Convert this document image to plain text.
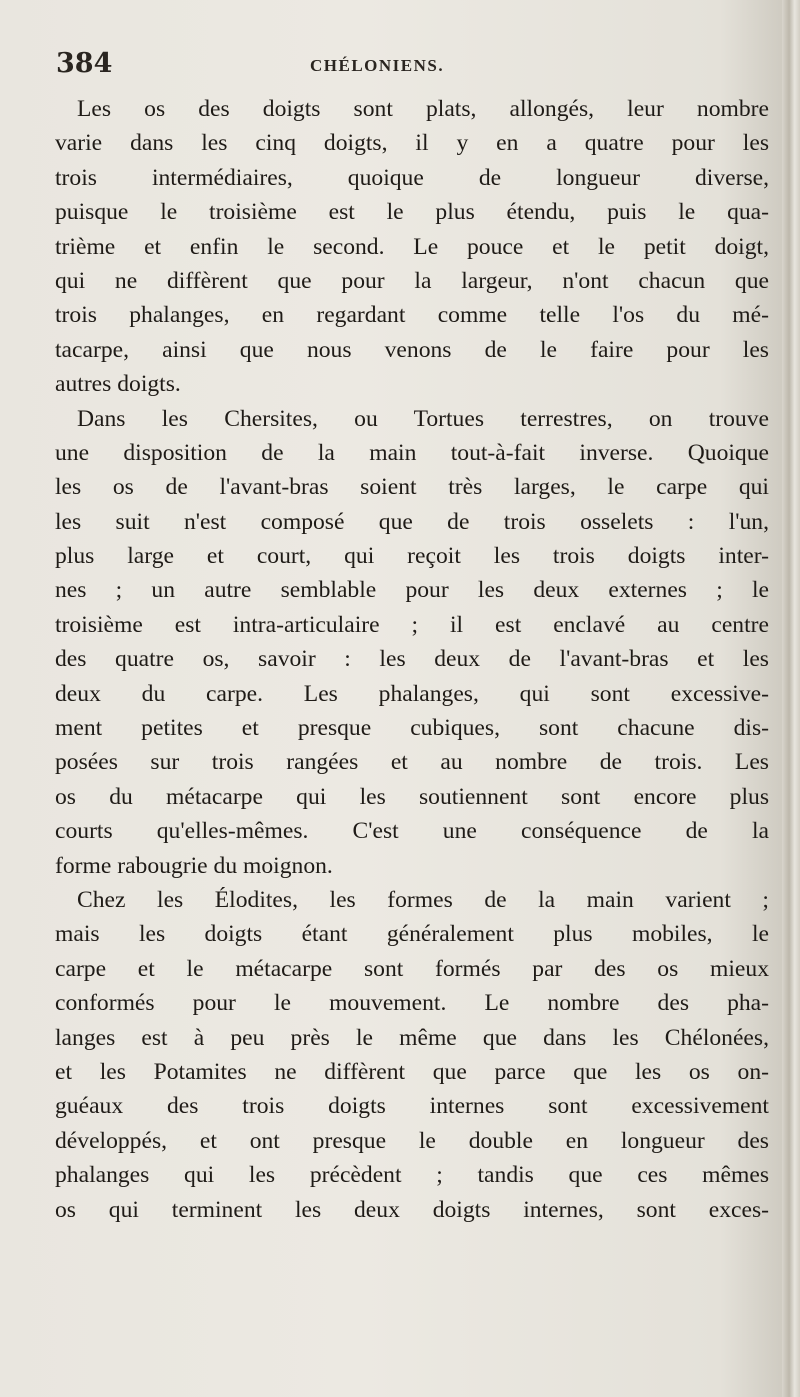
384	CHÉLONIENS.
Les os des doigts sont plats, allongés, leur nombre
varie dans les cinq doigts, il y en a quatre pour les
trois intermédiaires, quoique de longueur diverse,
puisque le troisième est le plus étendu, puis le qua-
trième et enfin le second. Le pouce et le petit doigt,
qui ne diffèrent que pour la largeur, n'ont chacun que
trois phalanges, en regardant comme telle l'os du mé-
tacarpe, ainsi que nous venons de le faire pour les
autres doigts.
Dans les Chersites, ou Tortues terrestres, on trouve
une disposition de la main tout-à-fait inverse. Quoique
les os de l'avant-bras soient très larges, le carpe qui
les suit n'est composé que de trois osselets : l'un,
plus large et court, qui reçoit les trois doigts inter-
nes ; un autre semblable pour les deux externes ; le
troisième est intra-articulaire ; il est enclavé au centre
des quatre os, savoir : les deux de l'avant-bras et les
deux du carpe. Les phalanges, qui sont excessive-
ment petites et presque cubiques, sont chacune dis-
posées sur trois rangées et au nombre de trois. Les
os du métacarpe qui les soutiennent sont encore plus
courts qu'elles-mêmes. C'est une conséquence de la
forme rabougrie du moignon.
Chez les Élodites, les formes de la main varient ;
mais les doigts étant généralement plus mobiles, le
carpe et le métacarpe sont formés par des os mieux
conformés pour le mouvement. Le nombre des pha-
langes est à peu près le même que dans les Chélonées,
et les Potamites ne diffèrent que parce que les os on-
guéaux des trois doigts internes sont excessivement
développés, et ont presque le double en longueur des
phalanges qui les précèdent ; tandis que ces mêmes
os qui terminent les deux doigts internes, sont exces-
